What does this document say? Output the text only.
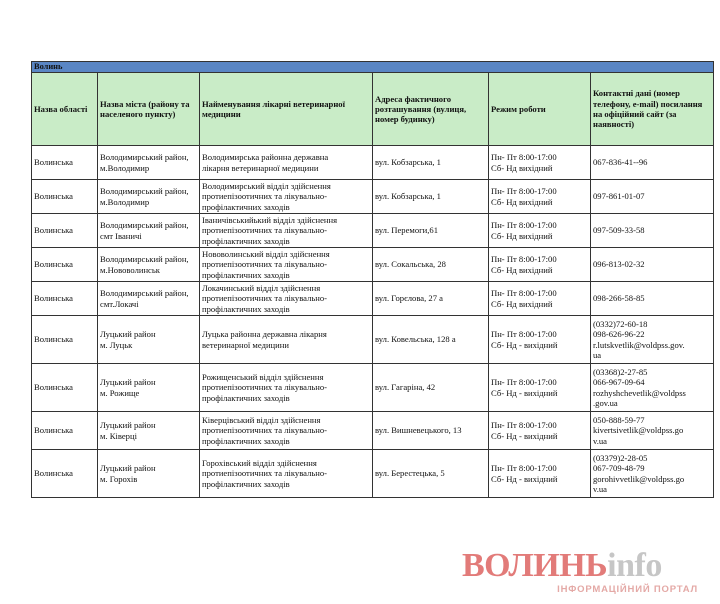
Волинь					
Назва області	Назва міста (району та населеного пункту)	Найменування лікарні ветеринарної медицини	Адреса фактичного розташування (вулиця, номер будинку)	Режим роботи	Контактні дані (номер телефону, e-mail) посилання на офіційний сайт (за наявності)
Волинська	Володимирський район,
м.Володимир	Володимирська районна державна
лікарня ветеринарної медицини	вул. Кобзарська, 1	Пн- Пт 8:00-17:00
Сб- Нд вихідний	067-836-41--96

Волинська	Володимирський район,
м.Володимир	Володимирський відділ здійснення
протиепізоотичних та лікувально-
профілактичних заходів	вул. Кобзарська, 1	Пн- Пт 8:00-17:00
Сб- Нд вихідний	097-861-01-07

Волинська	Володимирський район,
смт Іваничі	Іваничівськийький відділ здійснення
протиепізоотичних та лікувально-
профілактичних заходів	вул. Перемоги,61	Пн- Пт 8:00-17:00
Сб- Нд вихідний	097-509-33-58

Волинська	Володимирський район,
м.Нововолинськ	Нововолинський відділ здійснення
протиепізоотичних та лікувально-
профілактичних заходів	вул. Сокальська, 28	Пн- Пт 8:00-17:00
Сб- Нд вихідний	096-813-02-32

Волинська	Володимирський район,
смт.Локачі	Локачинський відділ здійснення
протиепізоотичних та лікувально-
профілактичних заходів	вул. Горєлова, 27 а	Пн- Пт 8:00-17:00
Сб- Нд вихідний	098-266-58-85

Волинська	Луцький район
м. Луцьк	Луцька районна державна лікарня
ветеринарної медицини	вул. Ковельська, 128 а	Пн- Пт 8:00-17:00
Сб- Нд - вихідний	(0332)72-60-18
098-626-96-22
r.lutskvetlik@voldpss.gov.
ua

Волинська	Луцький район
м. Рожище	Рожищенський відділ здійснення
протиепізоотичних та лікувально-
профілактичних заходів	вул. Гагаріна, 42	Пн- Пт 8:00-17:00
Сб- Нд - вихідний	(03368)2-27-85
066-967-09-64
rozhyshchevetlik@voldpss
.gov.ua

Волинська	Луцький район
м. Ківерці	Ківерцівський відділ здійснення
протиепізоотичних та лікувально-
профілактичних заходів	вул. Вишневецького, 13	Пн- Пт 8:00-17:00
Сб- Нд - вихідний	050-888-59-77
kivertsivetlik@voldpss.go
v.ua

Волинська	Луцький район
м. Горохів	Горохівський відділ здійснення
протиепізоотичних та лікувально-
профілактичних заходів	вул. Берестецька, 5	Пн- Пт 8:00-17:00
Сб- Нд - вихідний	(03379)2-28-05
067-709-48-79
gorohivvetlik@voldpss.go
v.ua
ВОЛИНЬinfo
ІНФОРМАЦІЙНИЙ ПОРТАЛ
